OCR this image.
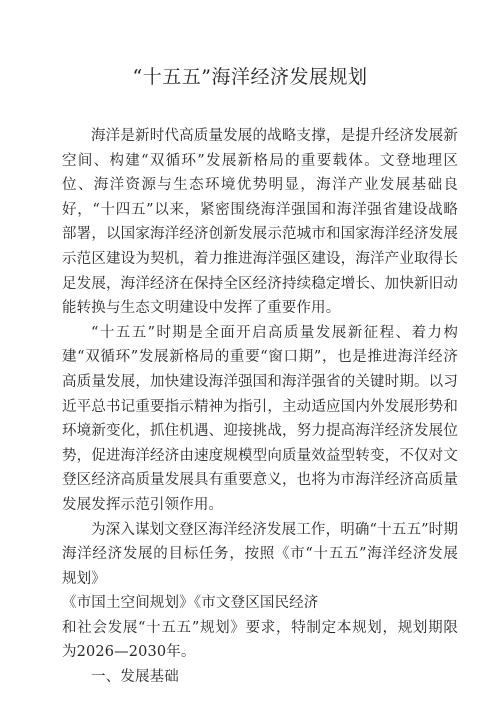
“十五五”海洋经济发展规划

海洋是新时代高质量发展的战略支撑，是提升经济发展新空间、构建“双循环”发展新格局的重要载体。文登地理区位、海洋资源与生态环境优势明显，海洋产业发展基础良好，“十四五”以来，紧密围绕海洋强国和海洋强省建设战略部署，以国家海洋经济创新发展示范城市和国家海洋经济发展示范区建设为契机，着力推进海洋强区建设，海洋产业取得长足发展，海洋经济在保持全区经济持续稳定增长、加快新旧动能转换与生态文明建设中发挥了重要作用。

“十五五”时期是全面开启高质量发展新征程、着力构建“双循环”发展新格局的重要“窗口期”，也是推进海洋经济高质量发展，加快建设海洋强国和海洋强省的关键时期。以习近平总书记重要指示精神为指引，主动适应国内外发展形势和环境新变化，抓住机遇、迎接挑战，努力提高海洋经济发展位势，促进海洋经济由速度规模型向质量效益型转变，不仅对文登区经济高质量发展具有重要意义，也将为市海洋经济高质量发展发挥示范引领作用。

为深入谋划文登区海洋经济发展工作，明确“十五五”时期海洋经济发展的目标任务，按照《市“十五五”海洋经济发展规划》
《市国土空间规划》《市文登区国民经济
和社会发展“十五五”规划》要求，特制定本规划，规划期限为2026—2030年。

一、发展基础
